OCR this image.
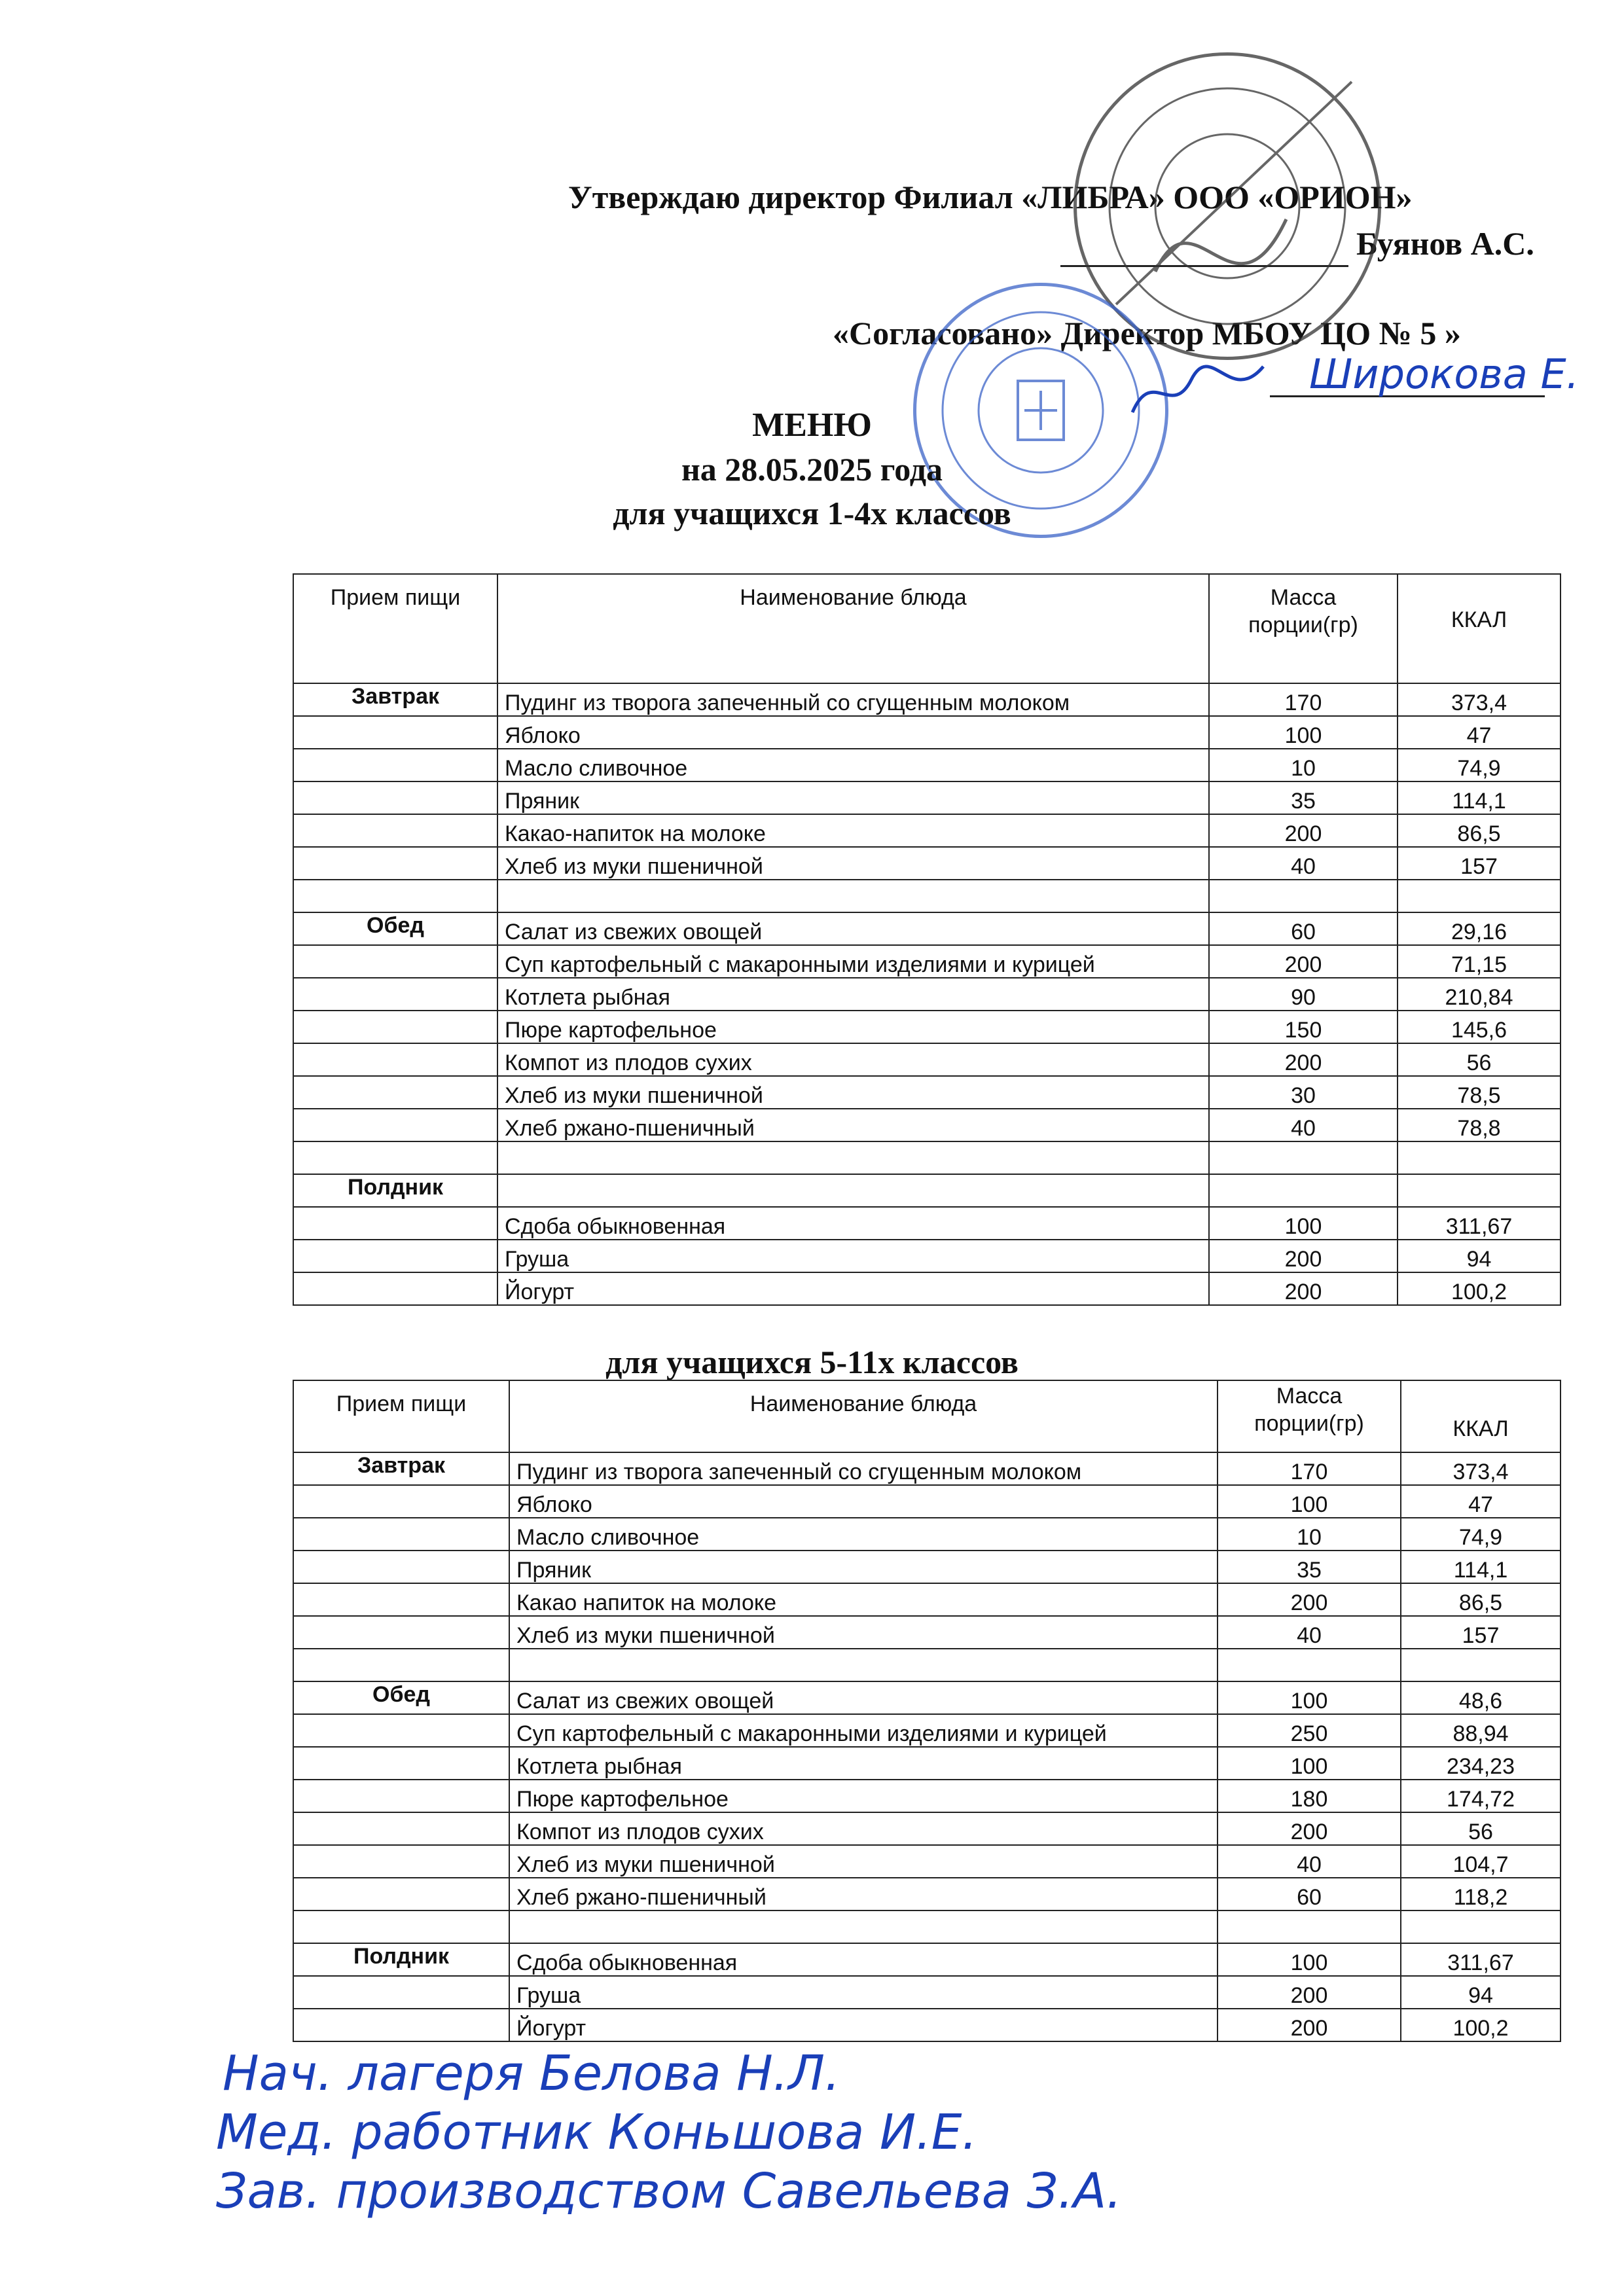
Утверждаю директор Филиал «ЛИБРА» ООО «ОРИОН»
Буянов А.С.
«Согласовано» Директор МБОУ ЦО № 5 »
Широкова Е.
МЕНЮ
на 28.05.2025 года
для учащихся 1-4х классов
Прием пищи	Наименование блюда	Масса порции(гр)	ККАЛ
Завтрак	Пудинг из творога запеченный со сгущенным молоком	170	373,4
	Яблоко	100	47
	Масло сливочное	10	74,9
	Пряник	35	114,1
	Какао-напиток на молоке	200	86,5
	Хлеб из муки пшеничной	40	157

Обед	Салат из свежих овощей	60	29,16
	Суп картофельный с макаронными изделиями и курицей	200	71,15
	Котлета рыбная	90	210,84
	Пюре картофельное	150	145,6
	Компот из плодов сухих	200	56
	Хлеб из муки пшеничной	30	78,5
	Хлеб ржано-пшеничный	40	78,8

Полдник			
	Сдоба обыкновенная	100	311,67
	Груша	200	94
	Йогурт	200	100,2
для учащихся 5-11х классов
Прием пищи	Наименование блюда	Масса порции(гр)	ККАЛ
Завтрак	Пудинг из творога запеченный со сгущенным молоком	170	373,4
	Яблоко	100	47
	Масло сливочное	10	74,9
	Пряник	35	114,1
	Какао напиток на молоке	200	86,5
	Хлеб из муки пшеничной	40	157

Обед	Салат из свежих овощей	100	48,6
	Суп картофельный с макаронными изделиями и курицей	250	88,94
	Котлета рыбная	100	234,23
	Пюре картофельное	180	174,72
	Компот из плодов сухих	200	56
	Хлеб из муки пшеничной	40	104,7
	Хлеб ржано-пшеничный	60	118,2

Полдник	Сдоба обыкновенная	100	311,67
	Груша	200	94
	Йогурт	200	100,2
Нач. лагеря Белова Н.Л.
Мед. работник Коньшова И.Е.
Зав. производством Савельева З.А.
